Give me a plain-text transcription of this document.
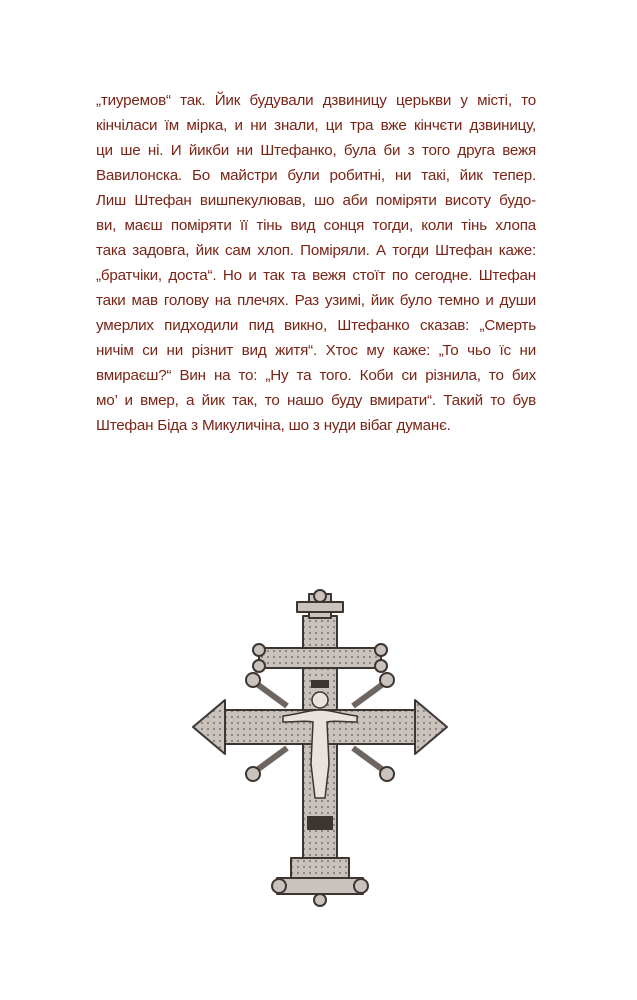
„тиуремов“ так. Йик будували дзвиницу церькви у місті, то
кінчіласи їм мірка, и ни знали, ци тра вже кінчєти дзвиницу,
ци ше ні. И йикби ни Штефанко, була би з того друга вежя
Вавилонска. Бо майстри були робитні, ни такі, йик тепер.
Лиш Штефан вишпекулював, шо аби поміряти висоту будо-
ви, маєш поміряти її тінь вид сонця тогди, коли тінь хлопа
така задовга, йик сам хлоп. Поміряли. А тогди Штефан каже:
„братчіки, доста“. Но и так та вежя стоїт по сегодне. Штефан
таки мав голову на плечях. Раз узимі, йик було темно и души
умерлих пидходили пид викно, Штефанко сказав: „Смерть
ничім си ни різнит вид житя“. Хтос му каже: „То чьо їс ни
вмираєш?“ Вин на то: „Ну та того. Коби си різнила, то бих
мо’ и вмер, а йик так, то нашо буду вмирати“. Такий то був
Штефан Біда з Микуличіна, шо з нуди вібаг думанє.
